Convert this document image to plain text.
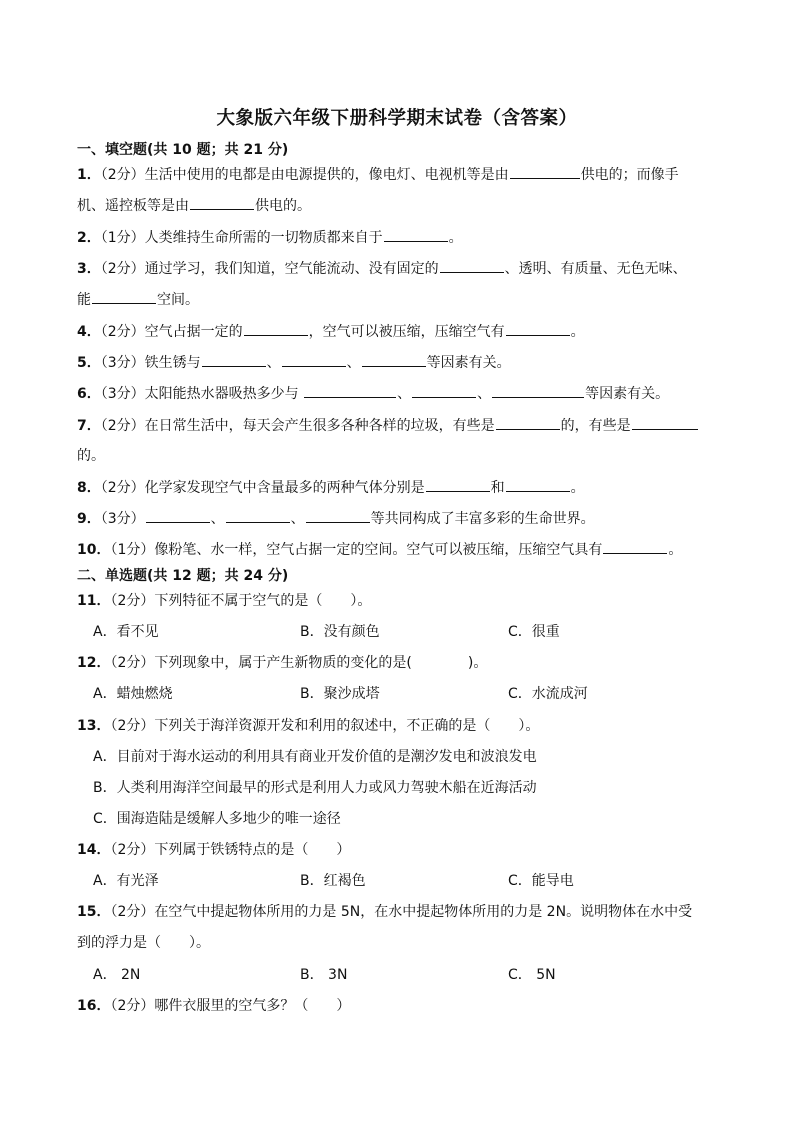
大象版六年级下册科学期末试卷（含答案）
一、填空题(共 10 题；共 21 分)
1．（2分）生活中使用的电都是由电源提供的，像电灯、电视机等是由	供电的；而像手
机、遥控板等是由	供电的。
2．（1分）人类维持生命所需的一切物质都来自于	。
3．（2分）通过学习，我们知道，空气能流动、没有固定的	、透明、有质量、无色无味、
能	空间。
4．（2分）空气占据一定的	，空气可以被压缩，压缩空气有	。
5．（3分）铁生锈与	、	、	等因素有关。
6．（3分）太阳能热水器吸热多少与	、	、	等因素有关。
7．（2分）在日常生活中，每天会产生很多各种各样的垃圾，有些是	的，有些是
的。
8．（2分）化学家发现空气中含量最多的两种气体分别是	和	。
9．（3分）	、	、	等共同构成了丰富多彩的生命世界。
10．（1分）像粉笔、水一样，空气占据一定的空间。空气可以被压缩，压缩空气具有	。
二、单选题(共 12 题；共 24 分)
11．（2分）下列特征不属于空气的是（　　）。
A．看不见	B．没有颜色	C．很重
12．（2分）下列现象中，属于产生新物质的变化的是(　　　　)。
A．蜡烛燃烧	B．聚沙成塔	C．水流成河
13．（2分）下列关于海洋资源开发和利用的叙述中，不正确的是（　　）。
A．目前对于海水运动的利用具有商业开发价值的是潮汐发电和波浪发电
B．人类利用海洋空间最早的形式是利用人力或风力驾驶木船在近海活动
C．围海造陆是缓解人多地少的唯一途径
14．（2分）下列属于铁锈特点的是（　　）
A．有光泽	B．红褐色	C．能导电
15．（2分）在空气中提起物体所用的力是 5N，在水中提起物体所用的力是 2N。说明物体在水中受
到的浮力是（　　）。
A． 2N	B． 3N	C． 5N
16．（2分）哪件衣服里的空气多？（　　）
